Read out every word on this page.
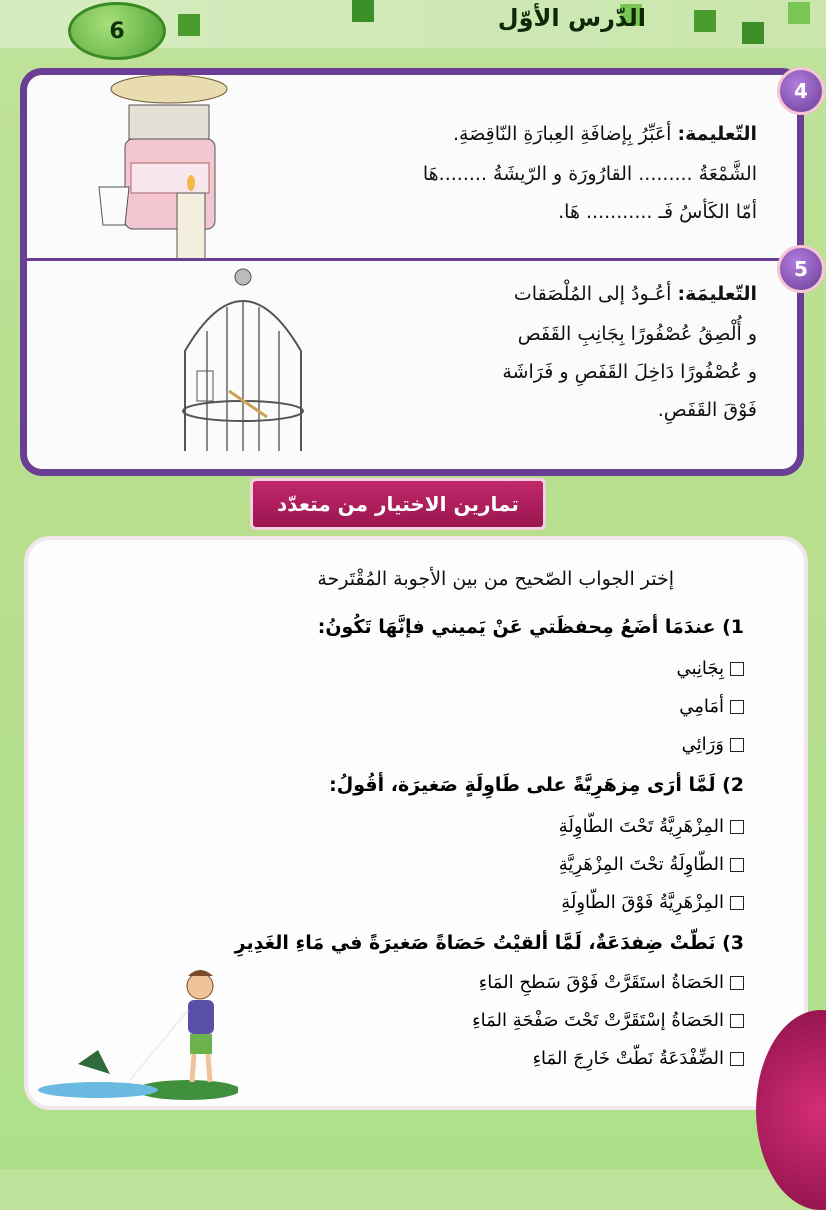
6	الدّرس الأوّل
4
التّعليمة: أعَبِّرُ بِإضافَةِ العِبارَةِ النّاقِصَةِ.
الشَّمْعَةُ ......... القارُورَة و الرّيشَةُ ........هَا
أمّا الكَأسُ فَـ ........... هَا.
5
التّعليمَة: أعُـودُ إلى المُلْصَقات
و أُلْصِقُ عُصْفُورًا بِجَانِبِ القَفَص
و عُصْفُورًا دَاخِلَ القَفَصِ و فَرَاشَة
فَوْقَ القَفَصِ.
تمارين الاختيار من متعدّد
إختر الجواب الصّحيح من بين الأجوبة المُقْتَرحة
1) عندَمَا أضَعُ مِحفظَتي عَنْ يَميني فإنَّهَا تَكُونُ:
بِجَانِبي
أمَامِي
وَرَائِي
2) لَمَّا أرَى مِزهَرِيَّةً على طَاوِلَةٍ صَغيرَة، أقُولُ:
المِزْهَرِيَّةُ تَحْتَ الطّاوِلَةِ
الطّاوِلَةُ تحْتَ المِزْهَرِيَّةِ
المِزْهَرِيَّةُ فَوْقَ الطّاوِلَةِ
3) نَطّتْ ضِفدَعَةٌ، لَمَّا ألقيْتُ حَصَاةً صَغيرَةً في مَاءِ الغَدِيرِ
الحَصَاةُ استَقَرَّتْ فَوْقَ سَطحِ المَاءِ
الحَصَاةُ إسْتَقَرَّتْ تَحْتَ صَفْحَةِ المَاءِ
الضِّفْدَعَةُ نَطّتْ خَارِجَ المَاءِ
